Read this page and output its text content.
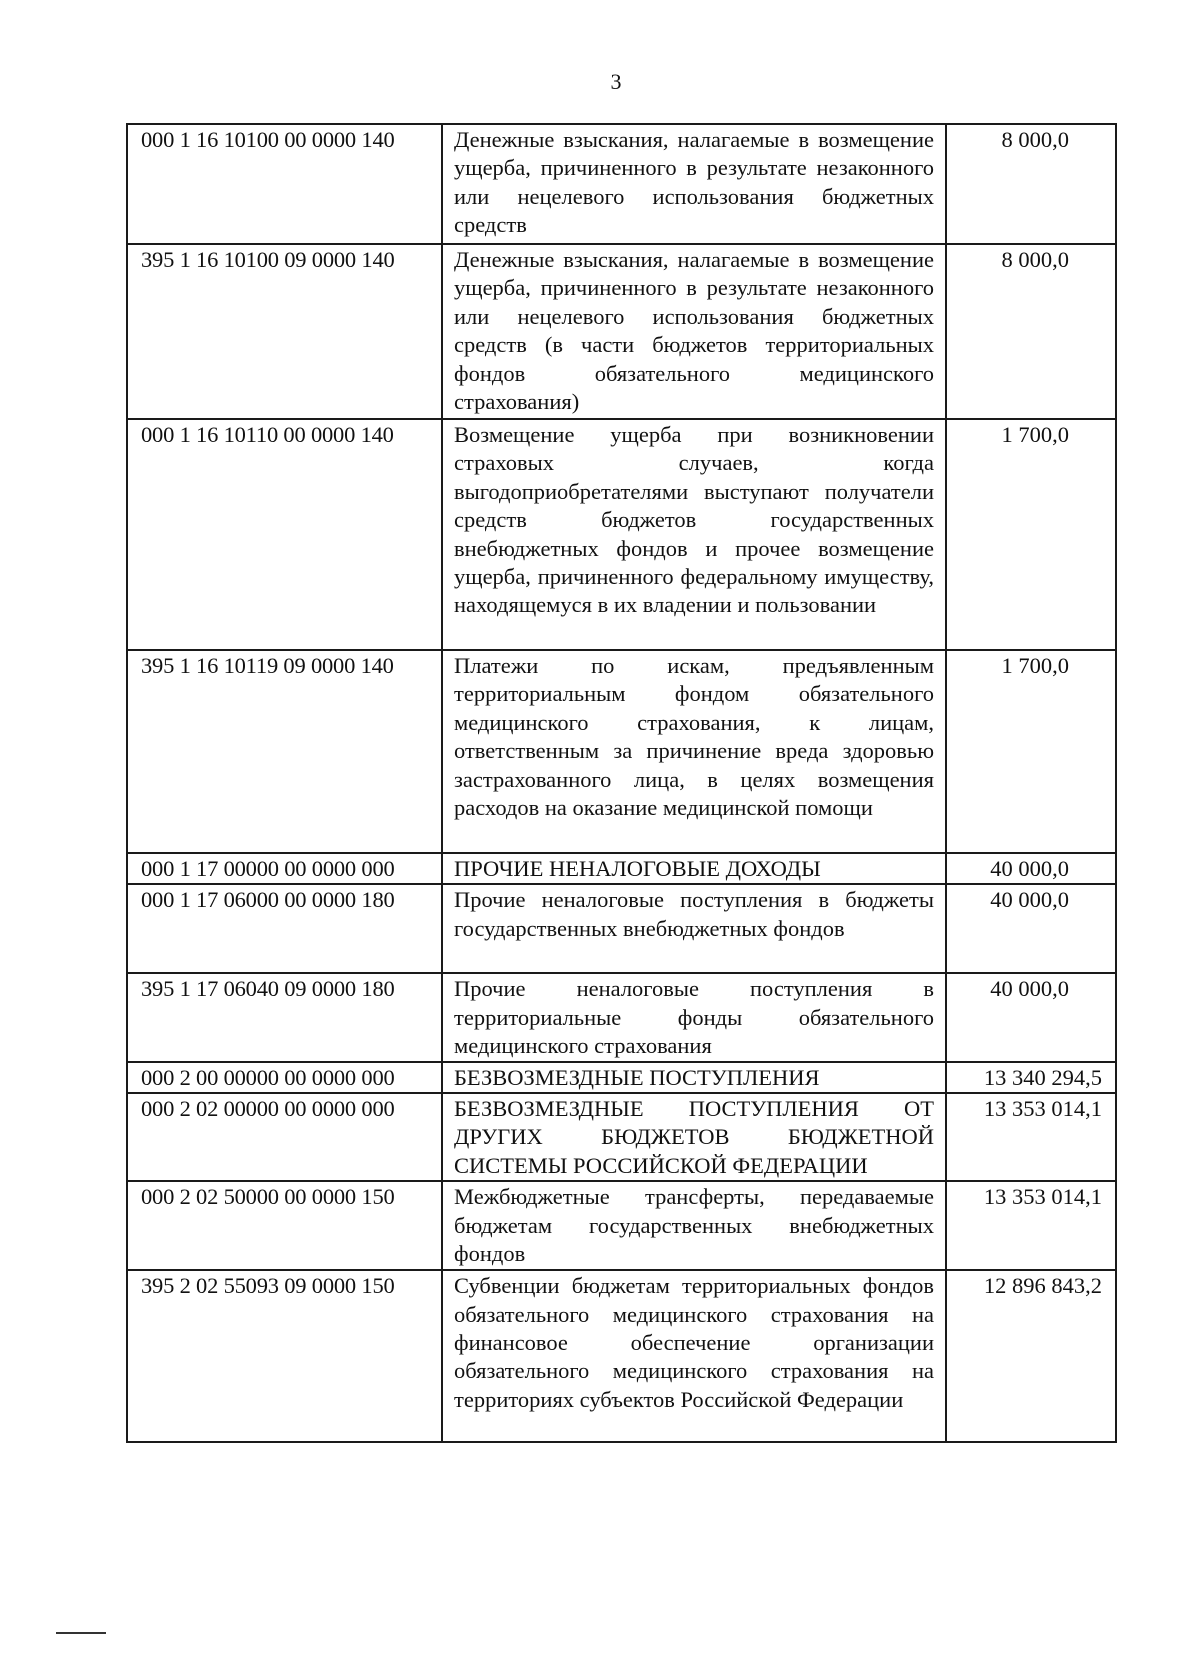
3
000 1 16 10100 00 0000 140	Денежные взыскания, налагаемые в возмещение ущерба, причиненного в результате незаконного или нецелевого использования бюджетных средств	8 000,0
395 1 16 10100 09 0000 140	Денежные взыскания, налагаемые в возмещение ущерба, причиненного в результате незаконного или нецелевого использования бюджетных средств (в части бюджетов территориальных фондов обязательного медицинского страхования)	8 000,0
000 1 16 10110 00 0000 140	Возмещение ущерба при возникновении страховых случаев, когда выгодоприобретателями выступают получатели средств бюджетов государственных внебюджетных фондов и прочее возмещение ущерба, причиненного федеральному имуществу, находящемуся в их владении и пользовании	1 700,0
395 1 16 10119 09 0000 140	Платежи по искам, предъявленным территориальным фондом обязательного медицинского страхования, к лицам, ответственным за причинение вреда здоровью застрахованного лица, в целях возмещения расходов на оказание медицинской помощи	1 700,0
000 1 17 00000 00 0000 000	ПРОЧИЕ НЕНАЛОГОВЫЕ ДОХОДЫ	40 000,0
000 1 17 06000 00 0000 180	Прочие неналоговые поступления в бюджеты государственных внебюджетных фондов	40 000,0
395 1 17 06040 09 0000 180	Прочие неналоговые поступления в территориальные фонды обязательного медицинского страхования	40 000,0
000 2 00 00000 00 0000 000	БЕЗВОЗМЕЗДНЫЕ ПОСТУПЛЕНИЯ	13 340 294,5
000 2 02 00000 00 0000 000	БЕЗВОЗМЕЗДНЫЕ ПОСТУПЛЕНИЯ ОТ ДРУГИХ БЮДЖЕТОВ БЮДЖЕТНОЙ СИСТЕМЫ РОССИЙСКОЙ ФЕДЕРАЦИИ	13 353 014,1
000 2 02 50000 00 0000 150	Межбюджетные трансферты, передаваемые бюджетам государственных внебюджетных фондов	13 353 014,1
395 2 02 55093 09 0000 150	Субвенции бюджетам территориальных фондов обязательного медицинского страхования на финансовое обеспечение организации обязательного медицинского страхования на территориях субъектов Российской Федерации	12 896 843,2
